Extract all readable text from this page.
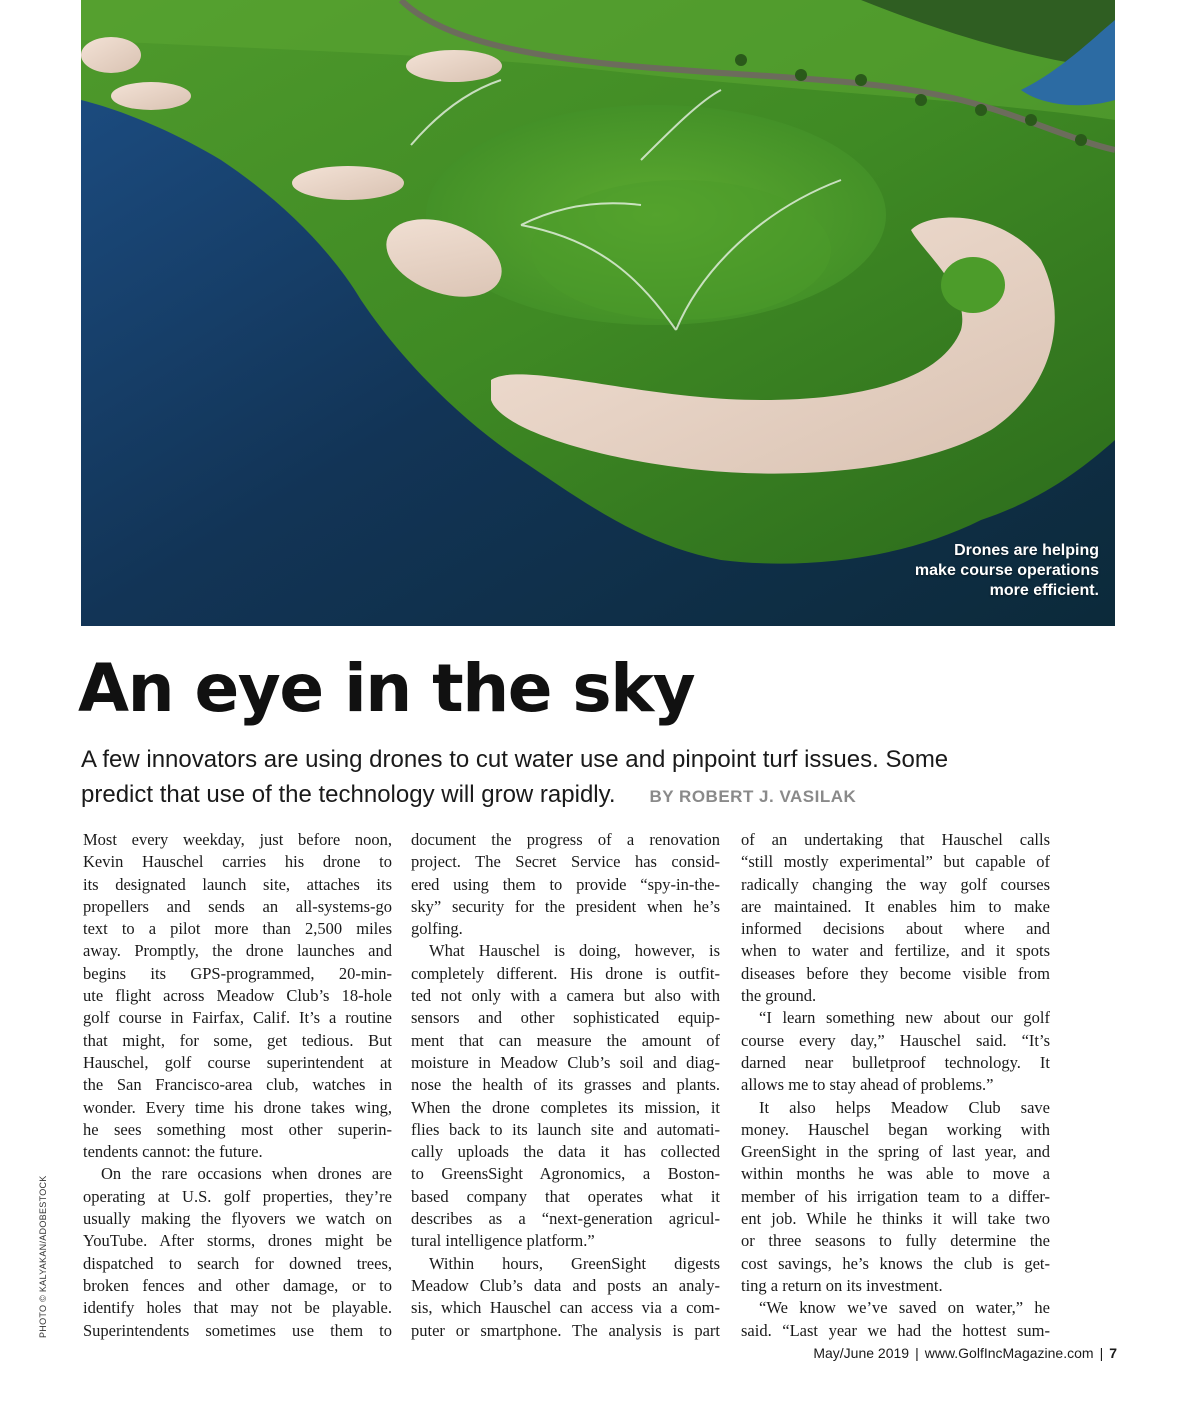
Drones are helping
make course operations
more efficient.
PHOTO © KALYAKAN/ADOBESTOCK
An eye in the sky
A few innovators are using drones to cut water use and pinpoint turf issues. Some
predict that use of the technology will grow rapidly. BY ROBERT J. VASILAK
Most every weekday, just before noon,
Kevin Hauschel carries his drone to
its designated launch site, attaches its
propellers and sends an all-systems-go
text to a pilot more than 2,500 miles
away. Promptly, the drone launches and
begins its GPS-programmed, 20-min-
ute flight across Meadow Club’s 18-hole
golf course in Fairfax, Calif. It’s a routine
that might, for some, get tedious. But
Hauschel, golf course superintendent at
the San Francisco-area club, watches in
wonder. Every time his drone takes wing,
he sees something most other superin-
tendents cannot: the future.
On the rare occasions when drones are
operating at U.S. golf properties, they’re
usually making the flyovers we watch on
YouTube. After storms, drones might be
dispatched to search for downed trees,
broken fences and other damage, or to
identify holes that may not be playable.
Superintendents sometimes use them to
document the progress of a renovation
project. The Secret Service has consid-
ered using them to provide “spy-in-the-
sky” security for the president when he’s
golfing.
What Hauschel is doing, however, is
completely different. His drone is outfit-
ted not only with a camera but also with
sensors and other sophisticated equip-
ment that can measure the amount of
moisture in Meadow Club’s soil and diag-
nose the health of its grasses and plants.
When the drone completes its mission, it
flies back to its launch site and automati-
cally uploads the data it has collected
to GreensSight Agronomics, a Boston-
based company that operates what it
describes as a “next-generation agricul-
tural intelligence platform.”
Within hours, GreenSight digests
Meadow Club’s data and posts an analy-
sis, which Hauschel can access via a com-
puter or smartphone. The analysis is part
of an undertaking that Hauschel calls
“still mostly experimental” but capable of
radically changing the way golf courses
are maintained. It enables him to make
informed decisions about where and
when to water and fertilize, and it spots
diseases before they become visible from
the ground.
“I learn something new about our golf
course every day,” Hauschel said. “It’s
darned near bulletproof technology. It
allows me to stay ahead of problems.”
It also helps Meadow Club save
money. Hauschel began working with
GreenSight in the spring of last year, and
within months he was able to move a
member of his irrigation team to a differ-
ent job. While he thinks it will take two
or three seasons to fully determine the
cost savings, he’s knows the club is get-
ting a return on its investment.
“We know we’ve saved on water,” he
said. “Last year we had the hottest sum-
May/June 2019 | www.GolfIncMagazine.com | 7
